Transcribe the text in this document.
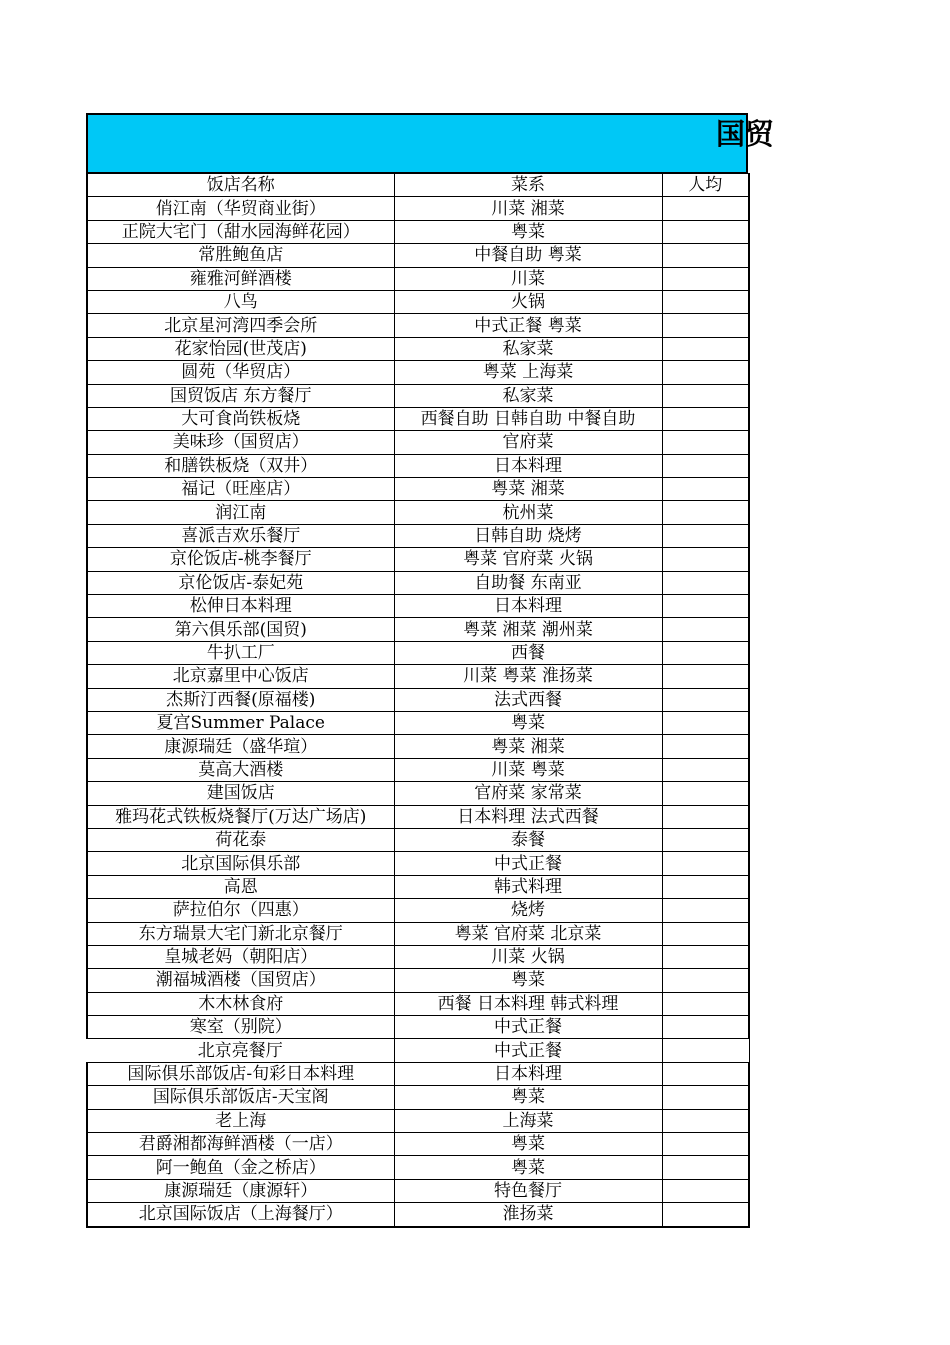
国贸
饭店名称	菜系	人均
俏江南（华贸商业街）	川菜 湘菜	
正院大宅门（甜水园海鲜花园）	粤菜	
常胜鲍鱼店	中餐自助 粤菜	
雍雅河鲜酒楼	川菜	
八鸟	火锅	
北京星河湾四季会所	中式正餐 粤菜	
花家怡园(世茂店)	私家菜	
圆苑（华贸店）	粤菜 上海菜	
国贸饭店 东方餐厅	私家菜	
大可食尚铁板烧	西餐自助 日韩自助 中餐自助	
美味珍（国贸店）	官府菜	
和膳铁板烧（双井）	日本料理	
福记（旺座店）	粤菜 湘菜	
润江南	杭州菜	
喜派吉欢乐餐厅	日韩自助 烧烤	
京伦饭店-桃李餐厅	粤菜 官府菜 火锅	
京伦饭店-泰妃苑	自助餐 东南亚	
松伸日本料理	日本料理	
第六俱乐部(国贸)	粤菜 湘菜 潮州菜	
牛扒工厂	西餐	
北京嘉里中心饭店	川菜 粤菜 淮扬菜	
杰斯汀西餐(原福楼)	法式西餐	
夏宫Summer Palace	粤菜	
康源瑞廷（盛华瑄）	粤菜 湘菜	
莫高大酒楼	川菜 粤菜	
建国饭店	官府菜 家常菜	
雅玛花式铁板烧餐厅(万达广场店)	日本料理 法式西餐	
荷花泰	泰餐	
北京国际俱乐部	中式正餐	
高恩	韩式料理	
萨拉伯尔（四惠）	烧烤	
东方瑞景大宅门新北京餐厅	粤菜 官府菜 北京菜	
皇城老妈（朝阳店）	川菜 火锅	
潮福城酒楼（国贸店）	粤菜	
木木林食府	西餐 日本料理 韩式料理	
寒室（别院）	中式正餐	
北京亮餐厅	中式正餐	
国际俱乐部饭店-旬彩日本料理	日本料理	
国际俱乐部饭店-天宝阁	粤菜	
老上海	上海菜	
君爵湘都海鲜酒楼（一店）	粤菜	
阿一鲍鱼（金之桥店）	粤菜	
康源瑞廷（康源轩）	特色餐厅	
北京国际饭店（上海餐厅）	淮扬菜	
